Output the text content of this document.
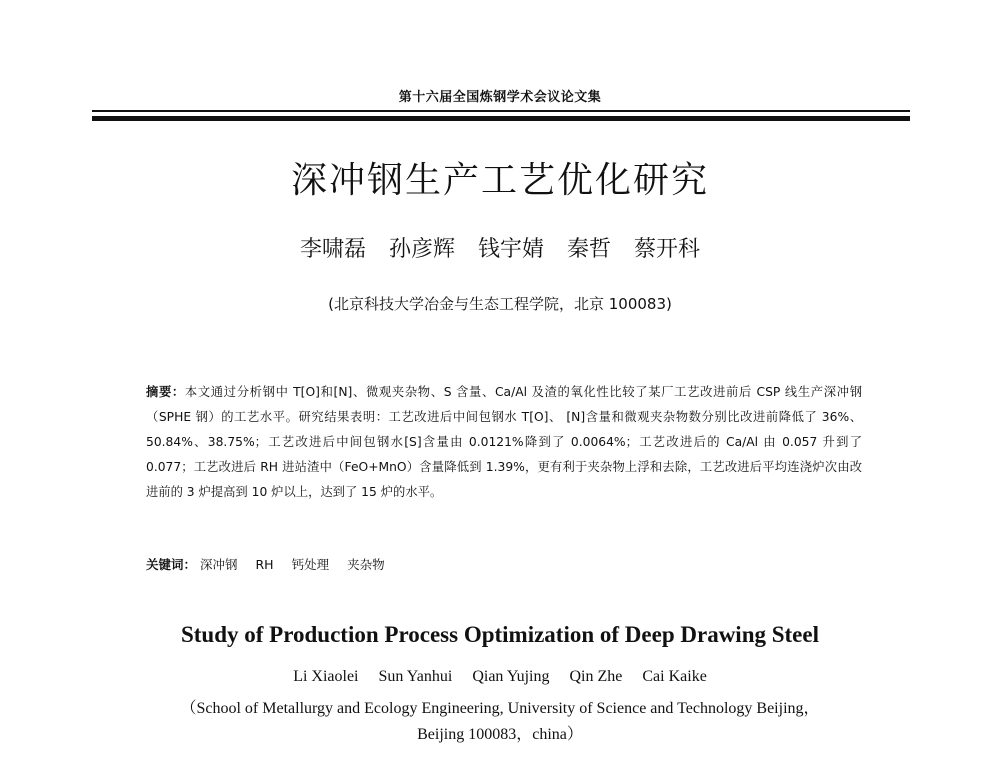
第十六届全国炼钢学术会议论文集
深冲钢生产工艺优化研究
李啸磊 孙彦辉 钱宇婧 秦哲 蔡开科
(北京科技大学冶金与生态工程学院，北京 100083)
摘要：本文通过分析钢中 T[O]和[N]、微观夹杂物、S 含量、Ca/Al 及渣的氧化性比较了某厂工艺改进前后 CSP 线生产深冲钢（SPHE 钢）的工艺水平。研究结果表明：工艺改进后中间包钢水 T[O]、 [N]含量和微观夹杂物数分别比改进前降低了 36%、50.84%、38.75%；工艺改进后中间包钢水[S]含量由 0.0121%降到了 0.0064%；工艺改进后的 Ca/Al 由 0.057 升到了 0.077；工艺改进后 RH 进站渣中（FeO+MnO）含量降低到 1.39%，更有利于夹杂物上浮和去除，工艺改进后平均连浇炉次由改进前的 3 炉提高到 10 炉以上，达到了 15 炉的水平。
关键词： 深冲钢 RH 钙处理 夹杂物
Study of Production Process Optimization of Deep Drawing Steel
Li Xiaolei Sun Yanhui Qian Yujing Qin Zhe Cai Kaike
（School of Metallurgy and Ecology Engineering, University of Science and Technology Beijing，
Beijing 100083，china）
